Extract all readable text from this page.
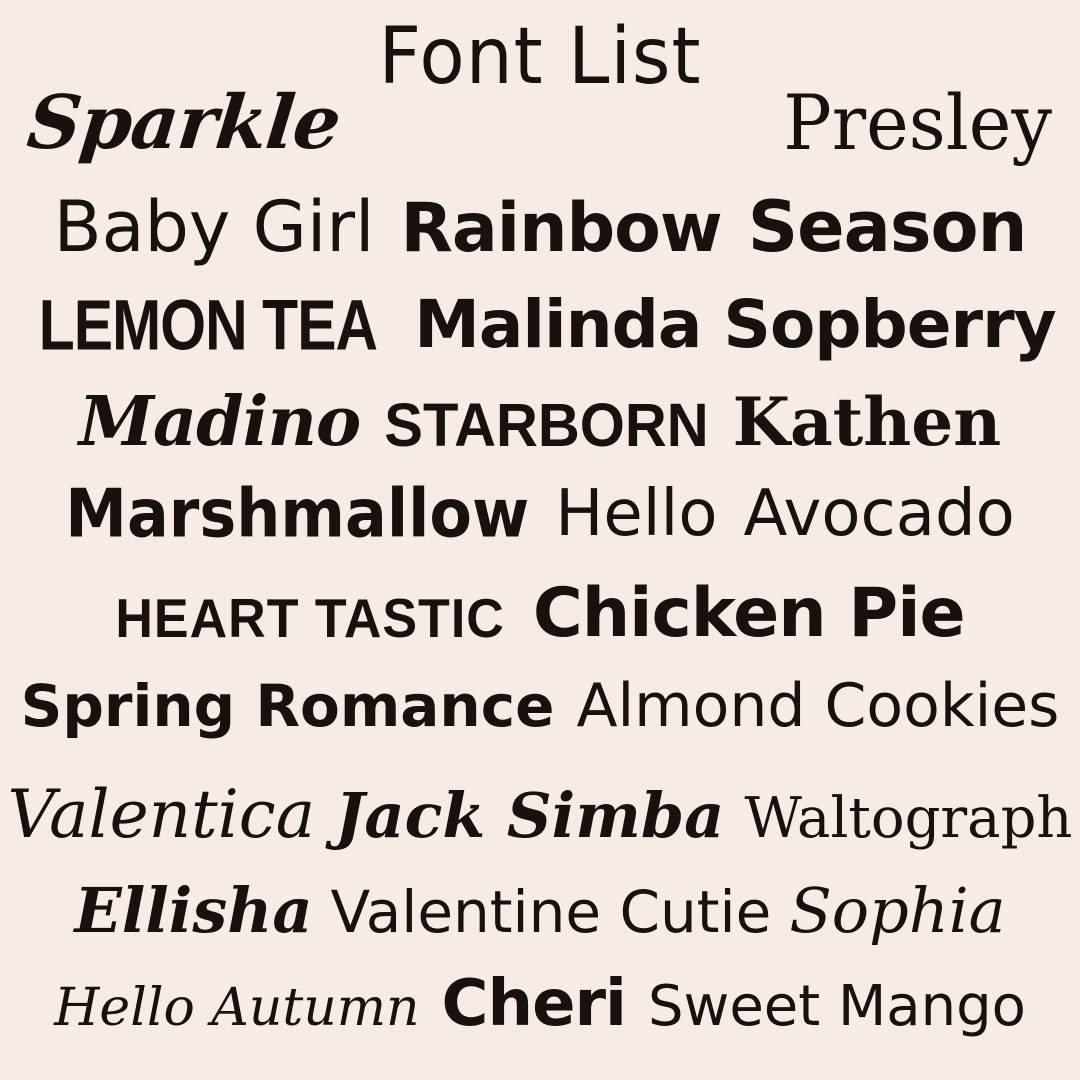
Font List
Sparkle	Presley
Baby Girl Rainbow Season
LEMON TEA Malinda Sopberry
Madino STARBORN Kathen
Marshmallow Hello Avocado
HEART TASTIC Chicken Pie
Spring Romance Almond Cookies
Valentica Jack Simba Waltograph
Ellisha Valentine Cutie Sophia
Hello Autumn Cheri Sweet Mango
